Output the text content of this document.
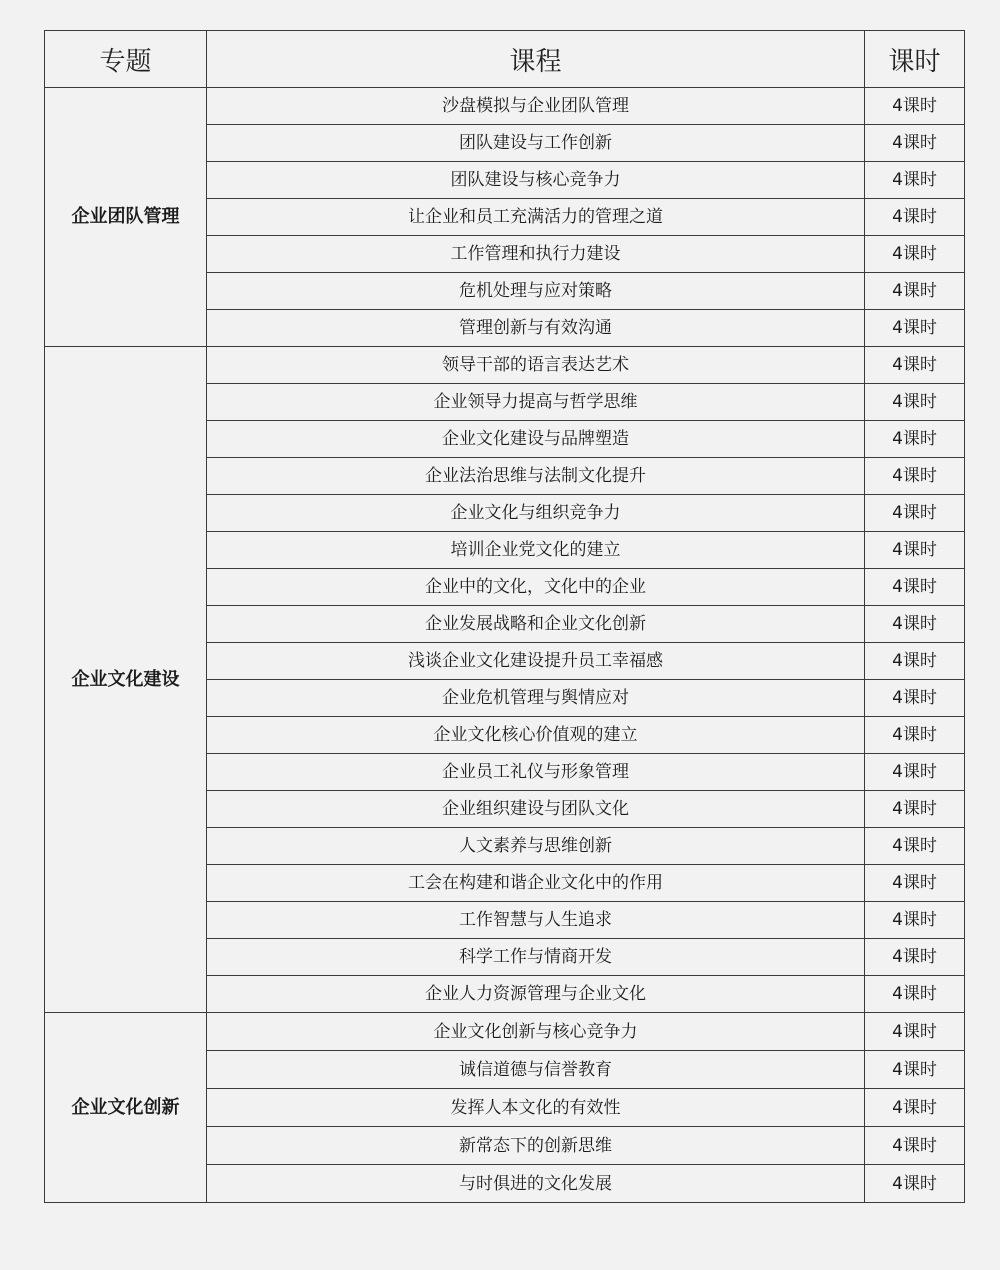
专题	课程	课时
企业团队管理	沙盘模拟与企业团队管理	4课时
	团队建设与工作创新	4课时
	团队建设与核心竞争力	4课时
	让企业和员工充满活力的管理之道	4课时
	工作管理和执行力建设	4课时
	危机处理与应对策略	4课时
	管理创新与有效沟通	4课时
企业文化建设	领导干部的语言表达艺术	4课时
	企业领导力提高与哲学思维	4课时
	企业文化建设与品牌塑造	4课时
	企业法治思维与法制文化提升	4课时
	企业文化与组织竞争力	4课时
	培训企业党文化的建立	4课时
	企业中的文化，文化中的企业	4课时
	企业发展战略和企业文化创新	4课时
	浅谈企业文化建设提升员工幸福感	4课时
	企业危机管理与舆情应对	4课时
	企业文化核心价值观的建立	4课时
	企业员工礼仪与形象管理	4课时
	企业组织建设与团队文化	4课时
	人文素养与思维创新	4课时
	工会在构建和谐企业文化中的作用	4课时
	工作智慧与人生追求	4课时
	科学工作与情商开发	4课时
	企业人力资源管理与企业文化	4课时
企业文化创新	企业文化创新与核心竞争力	4课时
	诚信道德与信誉教育	4课时
	发挥人本文化的有效性	4课时
	新常态下的创新思维	4课时
	与时俱进的文化发展	4课时
